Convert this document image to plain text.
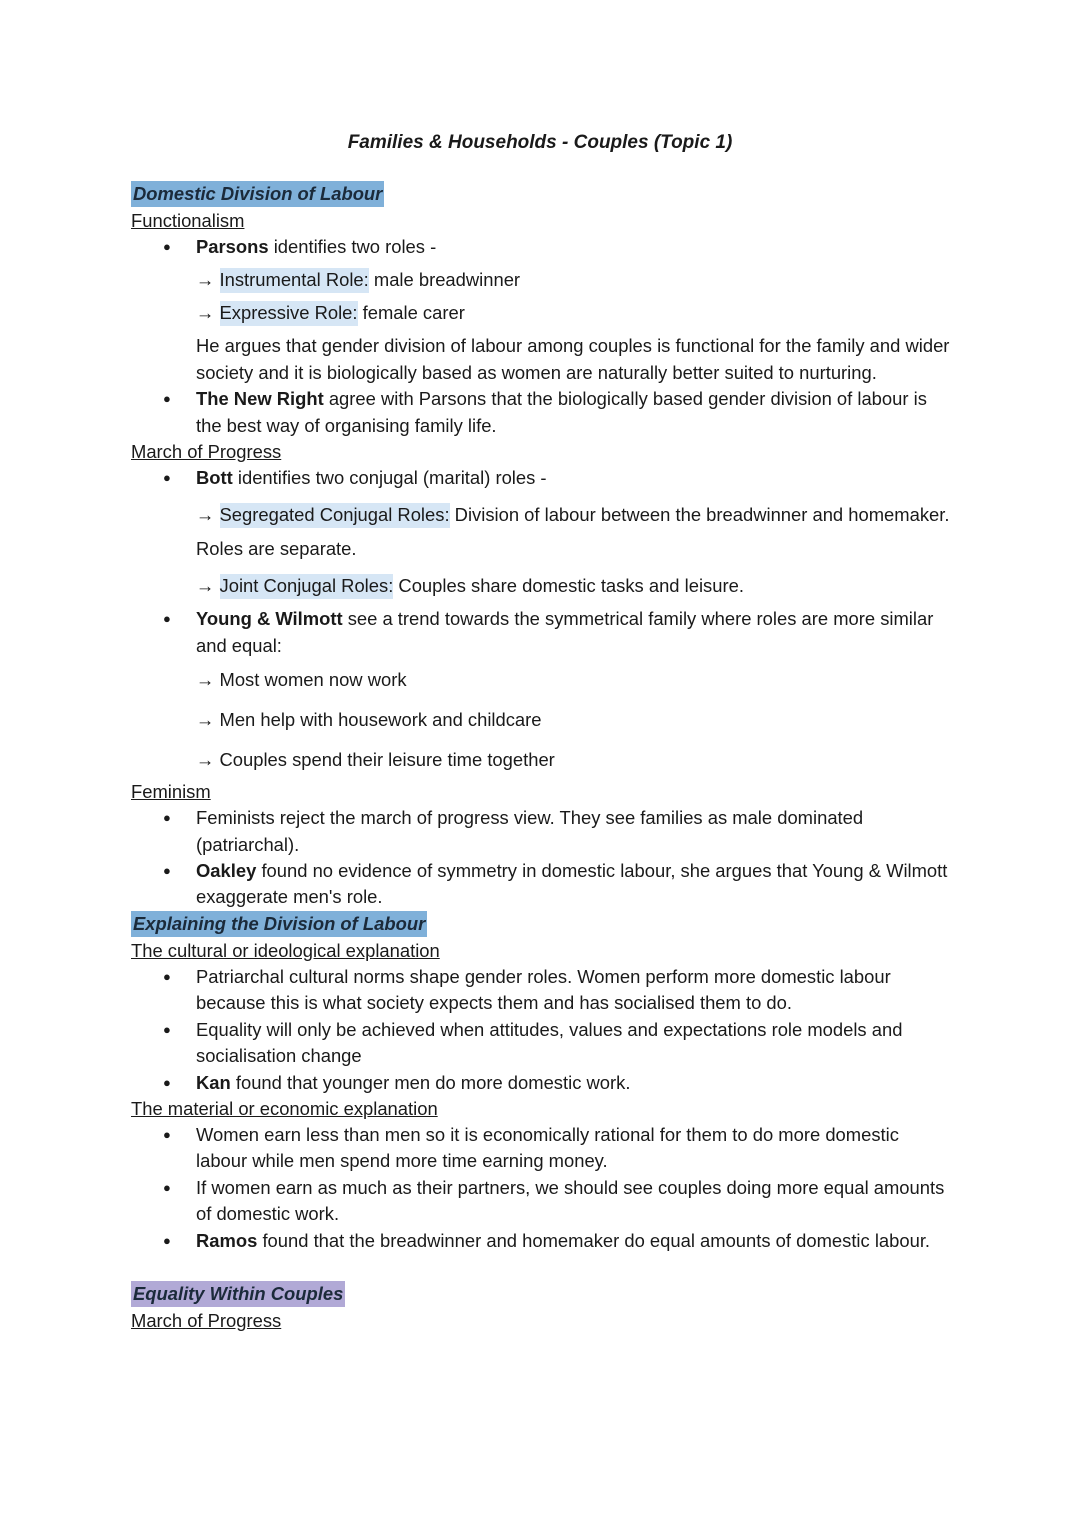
Families & Households - Couples (Topic 1)
Domestic Division of Labour
Functionalism
● Parsons identifies two roles -
→ Instrumental Role: male breadwinner
→ Expressive Role: female carer
He argues that gender division of labour among couples is functional for the family and wider society and it is biologically based as women are naturally better suited to nurturing.
● The New Right agree with Parsons that the biologically based gender division of labour is the best way of organising family life.
March of Progress
● Bott identifies two conjugal (marital) roles -
→ Segregated Conjugal Roles: Division of labour between the breadwinner and homemaker. Roles are separate.
→ Joint Conjugal Roles: Couples share domestic tasks and leisure.
● Young & Wilmott see a trend towards the symmetrical family where roles are more similar and equal:
→ Most women now work
→ Men help with housework and childcare
→ Couples spend their leisure time together
Feminism
● Feminists reject the march of progress view. They see families as male dominated (patriarchal).
● Oakley found no evidence of symmetry in domestic labour, she argues that Young & Wilmott exaggerate men's role.
Explaining the Division of Labour
The cultural or ideological explanation
● Patriarchal cultural norms shape gender roles. Women perform more domestic labour because this is what society expects them and has socialised them to do.
● Equality will only be achieved when attitudes, values and expectations role models and socialisation change
● Kan found that younger men do more domestic work.
The material or economic explanation
● Women earn less than men so it is economically rational for them to do more domestic labour while men spend more time earning money.
● If women earn as much as their partners, we should see couples doing more equal amounts of domestic work.
● Ramos found that the breadwinner and homemaker do equal amounts of domestic labour.
Equality Within Couples
March of Progress
